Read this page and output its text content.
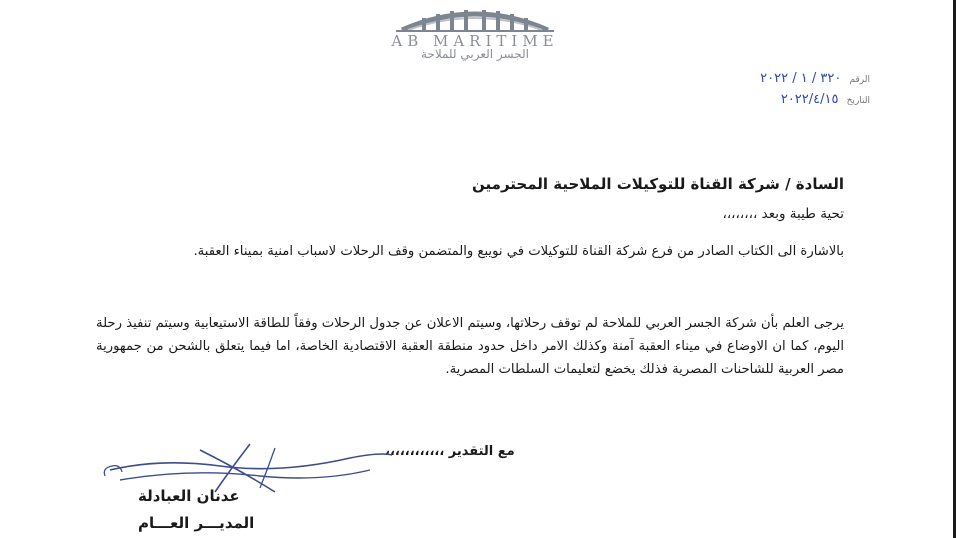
AB MARITIME
الجسر العربي للملاحة
الرقم ٣٢٠ / ١ / ٢٠٢٢
التاريخ ٢٠٢٢/٤/١٥
السادة / شركة القناة للتوكيلات الملاحية المحترمين
تحية طيبة وبعد ،،،،،،،،
بالاشارة الى الكتاب الصادر من فرع شركة القناة للتوكيلات في نويبع والمتضمن وقف الرحلات لاسباب امنية بميناء العقبة.
يرجى العلم بأن شركة الجسر العربي للملاحة لم توقف رحلاتها، وسيتم الاعلان عن جدول الرحلات وفقاً للطاقة الاستيعابية وسيتم تنفيذ رحلة اليوم، كما ان الاوضاع في ميناء العقبة آمنة وكذلك الامر داخل حدود منطقة العقبة الاقتصادية الخاصة، اما فيما يتعلق بالشحن من جمهورية مصر العربية للشاحنات المصرية فذلك يخضع لتعليمات السلطات المصرية.
مع التقدير ،،،،،،،،،،،،
عدنان العبادلة
المديـــر العـــام
